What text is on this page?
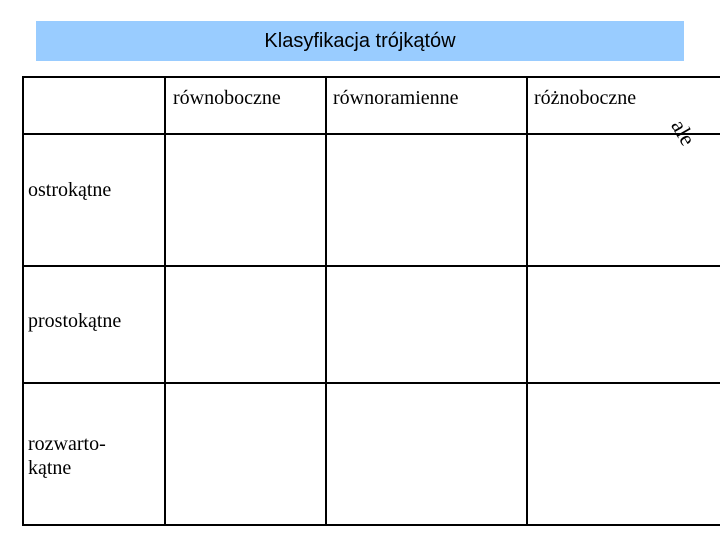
Klasyfikacja trójkątów
równoboczne	równoramienne	różnoboczne
ostrokątne
prostokątne
rozwarto-
kątne
ale
